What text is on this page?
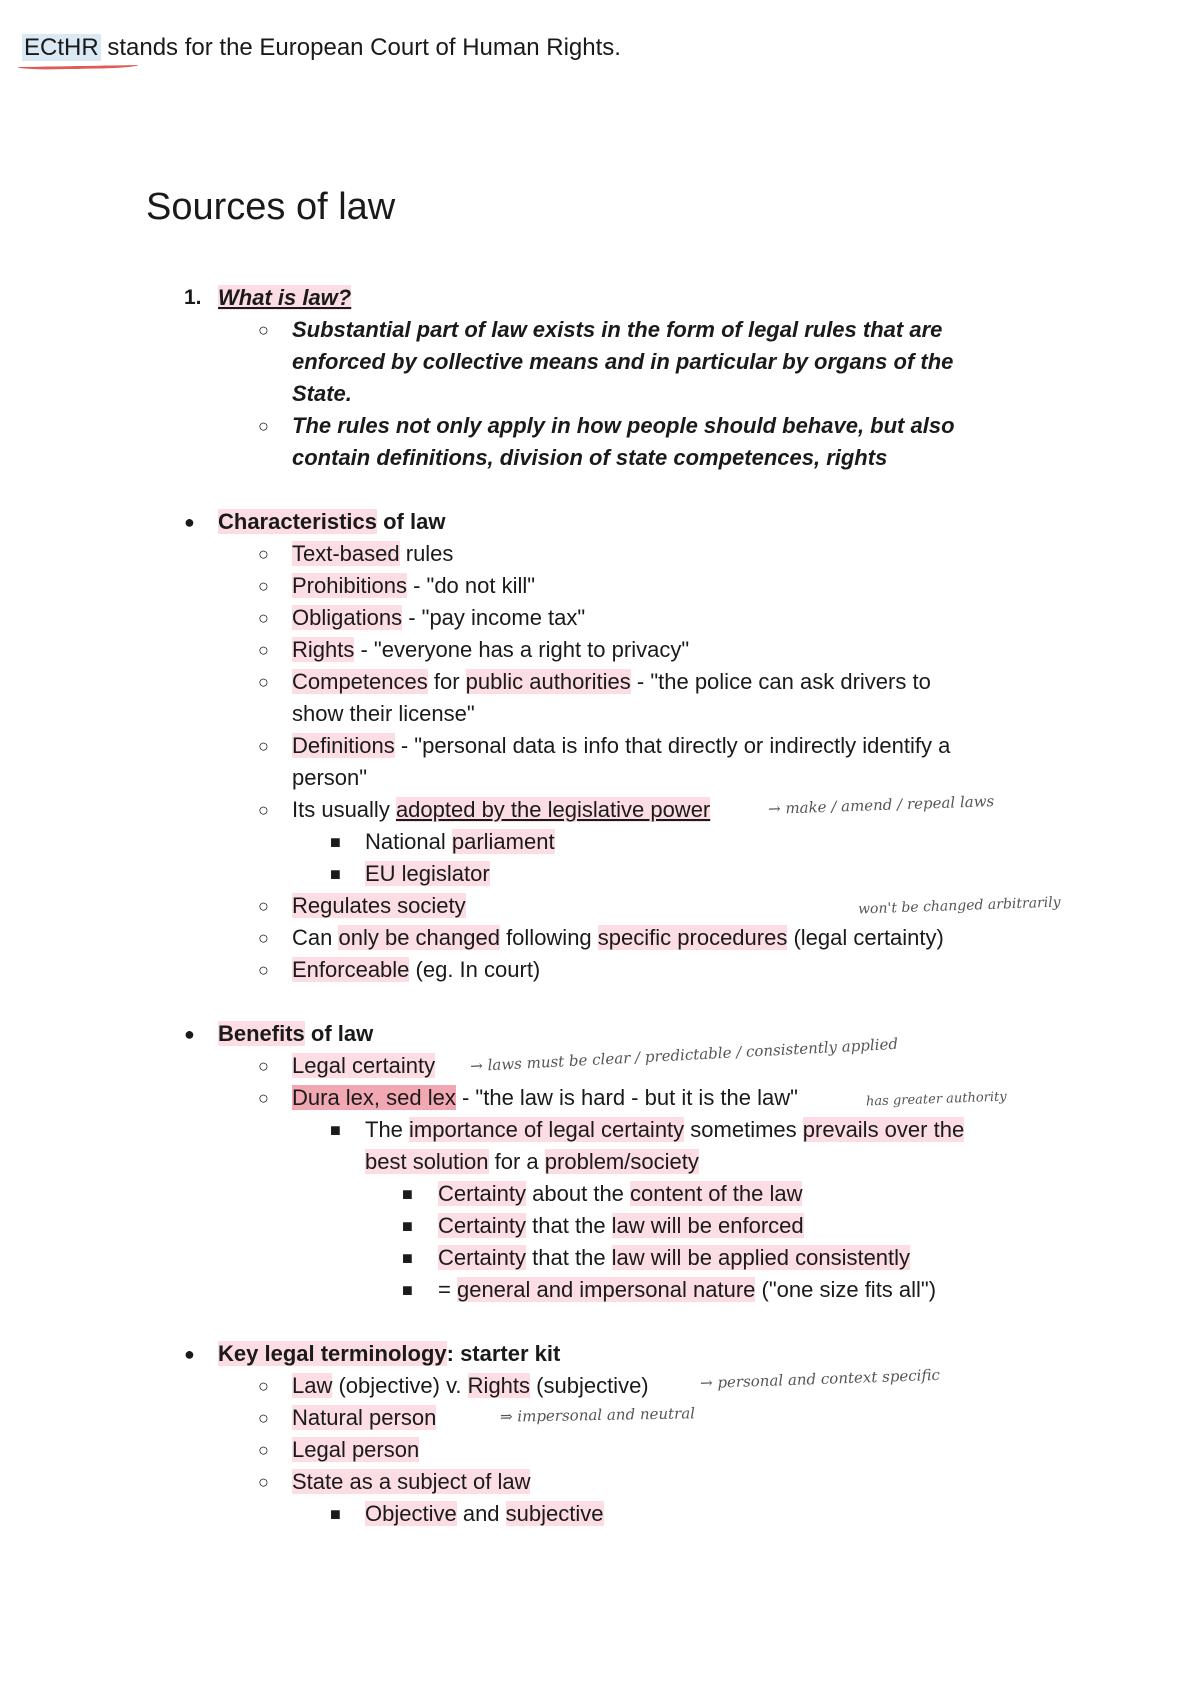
ECtHR stands for the European Court of Human Rights.
Sources of law
1. What is law?
○ Substantial part of law exists in the form of legal rules that are
enforced by collective means and in particular by organs of the
State.
○ The rules not only apply in how people should behave, but also
contain definitions, division of state competences, rights
● Characteristics of law
○ Text-based rules
○ Prohibitions - "do not kill"
○ Obligations - "pay income tax"
○ Rights - "everyone has a right to privacy"
○ Competences for public authorities - "the police can ask drivers to
show their license"
○ Definitions - "personal data is info that directly or indirectly identify a
person"
○ Its usually adopted by the legislative power	→ make / amend / repeal laws
■ National parliament
■ EU legislator
○ Regulates society	won't be changed arbitrarily
○ Can only be changed following specific procedures (legal certainty)
○ Enforceable (eg. In court)
● Benefits of law
○ Legal certainty → laws must be clear / predictable / consistently applied
○ Dura lex, sed lex - "the law is hard - but it is the law"	has greater authority
■ The importance of legal certainty sometimes prevails over the
best solution for a problem/society
■ Certainty about the content of the law
■ Certainty that the law will be enforced
■ Certainty that the law will be applied consistently
■ = general and impersonal nature ("one size fits all")
● Key legal terminology: starter kit
○ Law (objective) v. Rights (subjective)	→ personal and context specific
○ Natural person	⇒ impersonal and neutral
○ Legal person
○ State as a subject of law
■ Objective and subjective
